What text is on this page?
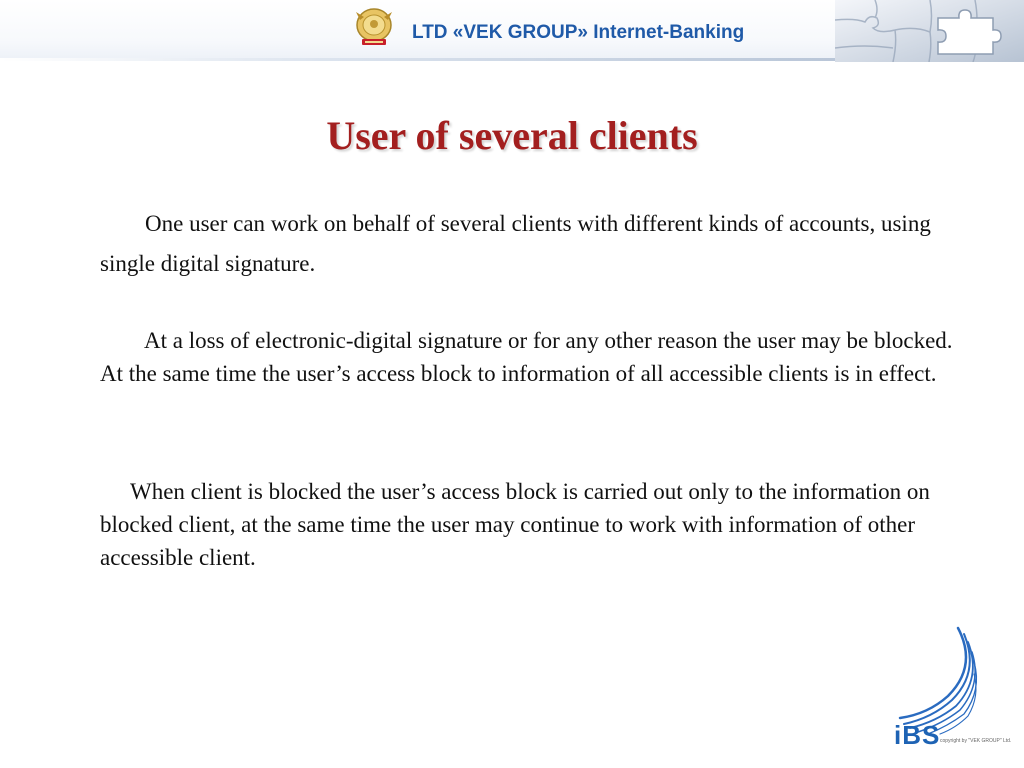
LTD «VEK GROUP» Internet-Banking
User of several clients
One user can work on behalf of several clients with different kinds of accounts, using single digital signature.
At a loss of electronic-digital signature or for any other reason the user may be blocked. At the same time the user’s access block to information of all accessible clients is in effect.
When client is blocked the user’s access block is carried out only to the information on blocked client, at the same time the user may continue to work with information of other accessible client.
iBS copyright by "VEK GROUP" Ltd.
